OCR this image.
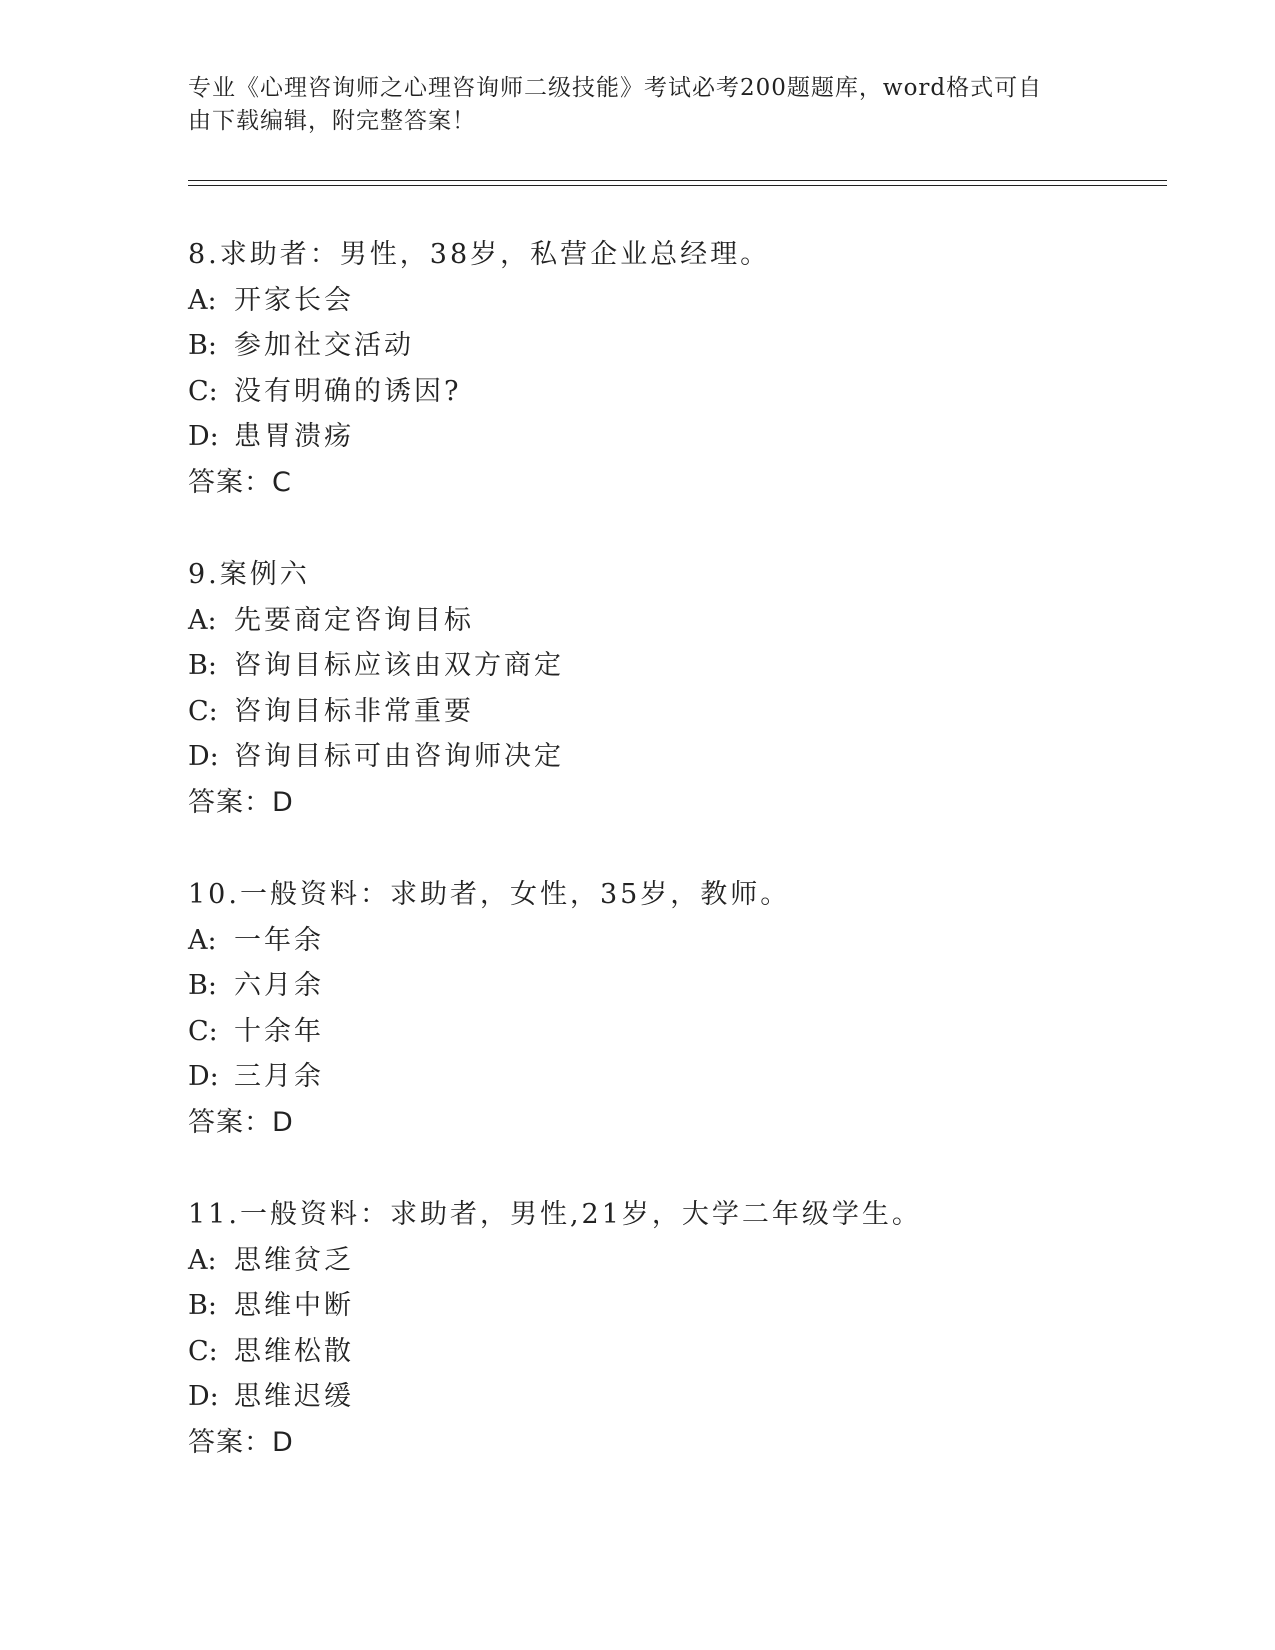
专业《心理咨询师之心理咨询师二级技能》考试必考200题题库，word格式可自
由下载编辑，附完整答案！
8.求助者：男性，38岁，私营企业总经理。
A: 开家长会
B: 参加社交活动
C: 没有明确的诱因?
D: 患胃溃疡
答案：C
9.案例六
A: 先要商定咨询目标
B: 咨询目标应该由双方商定
C: 咨询目标非常重要
D: 咨询目标可由咨询师决定
答案：D
10.一般资料：求助者，女性，35岁，教师。
A: 一年余
B: 六月余
C: 十余年
D: 三月余
答案：D
11.一般资料：求助者，男性,21岁，大学二年级学生。
A: 思维贫乏
B: 思维中断
C: 思维松散
D: 思维迟缓
答案：D
